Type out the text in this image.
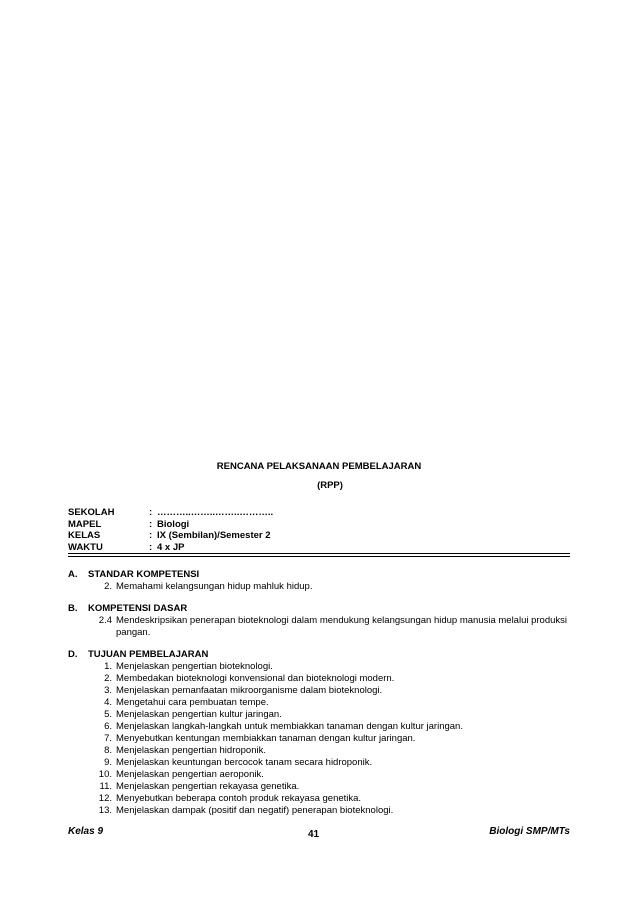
RENCANA PELAKSANAAN PEMBELAJARAN
(RPP)
SEKOLAH	: ………..……..……..………..
MAPEL	: Biologi
KELAS	: IX (Sembilan)/Semester 2
WAKTU	: 4 x JP
A. STANDAR KOMPETENSI
2. Memahami kelangsungan hidup mahluk hidup.
B. KOMPETENSI DASAR
2.4 Mendeskripsikan penerapan bioteknologi dalam mendukung kelangsungan hidup manusia melalui produksi pangan.
D. TUJUAN PEMBELAJARAN
1. Menjelaskan pengertian bioteknologi.
2. Membedakan bioteknologi konvensional dan bioteknologi modern.
3. Menjelaskan pemanfaatan mikroorganisme dalam bioteknologi.
4. Mengetahui cara pembuatan tempe.
5. Menjelaskan pengertian kultur jaringan.
6. Menjelaskan langkah-langkah untuk membiakkan tanaman dengan kultur jaringan.
7. Menyebutkan kentungan membiakkan tanaman dengan kultur jaringan.
8. Menjelaskan pengertian hidroponik.
9. Menjelaskan keuntungan bercocok tanam secara hidroponik.
10. Menjelaskan pengertian aeroponik.
11. Menjelaskan pengertian rekayasa genetika.
12. Menyebutkan beberapa contoh produk rekayasa genetika.
13. Menjelaskan dampak (positif dan negatif) penerapan bioteknologi.
Kelas 9	41	Biologi SMP/MTs
